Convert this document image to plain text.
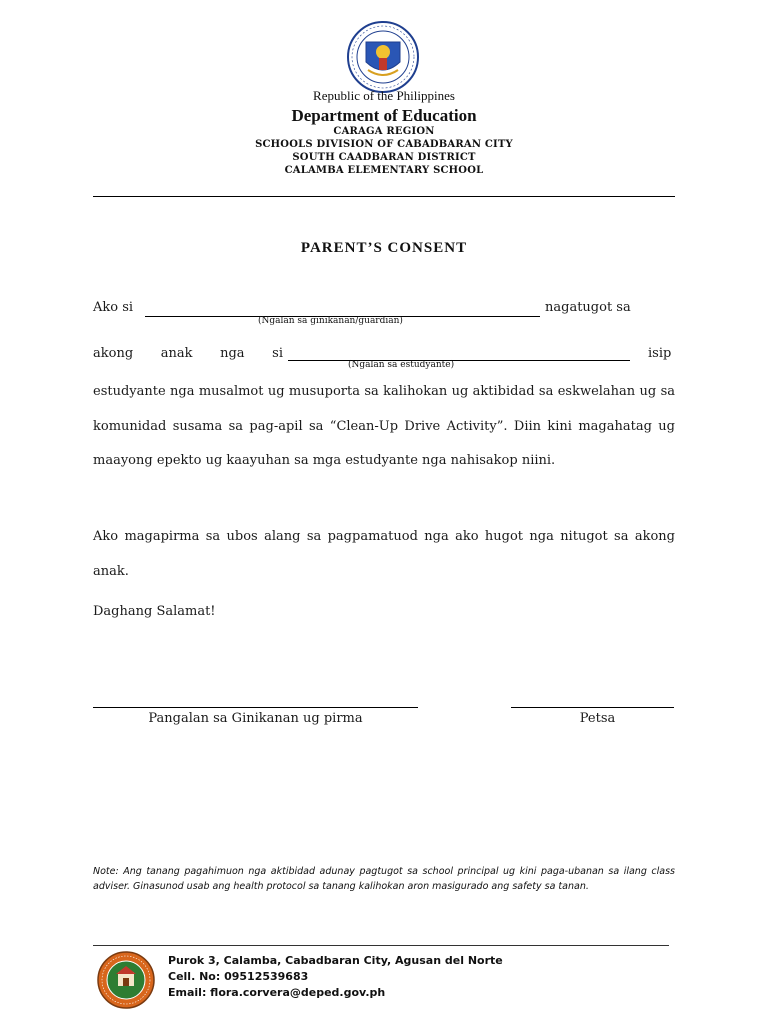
Republic of the Philippines
Department of Education
CARAGA REGION
SCHOOLS DIVISION OF CABADBARAN CITY
SOUTH CAADBARAN DISTRICT
CALAMBA ELEMENTARY SCHOOL
PARENT’S CONSENT
Ako si	nagatugot sa
(Ngalan sa ginikanan/guardian)
akong anak nga si	isip
(Ngalan sa estudyante)
estudyante nga musalmot ug musuporta sa kalihokan ug aktibidad sa eskwelahan ug sa komunidad susama sa pag-apil sa “Clean-Up Drive Activity”. Diin kini magahatag ug maayong epekto ug kaayuhan sa mga estudyante nga nahisakop niini.
Ako magapirma sa ubos alang sa pagpamatuod nga ako hugot nga nitugot sa akong anak.
Daghang Salamat!
Pangalan sa Ginikanan ug pirma	Petsa
Note: Ang tanang pagahimuon nga aktibidad adunay pagtugot sa school principal ug kini paga-ubanan sa ilang class adviser. Ginasunod usab ang health protocol sa tanang kalihokan aron masigurado ang safety sa tanan.
Purok 3, Calamba, Cabadbaran City, Agusan del Norte
Cell. No: 09512539683
Email: flora.corvera@deped.gov.ph
